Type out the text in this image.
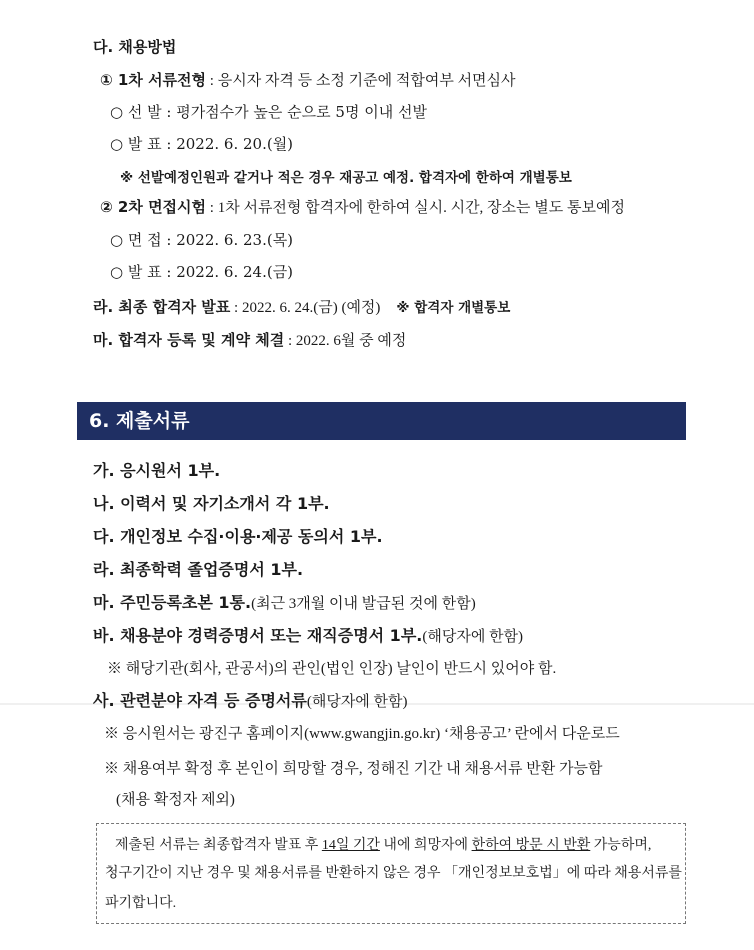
다. 채용방법
① 1차 서류전형 : 응시자 자격 등 소정 기준에 적합여부 서면심사
○ 선 발 : 평가점수가 높은 순으로 5명 이내 선발
○ 발 표 : 2022. 6. 20.(월)
※ 선발예정인원과 같거나 적은 경우 재공고 예정. 합격자에 한하여 개별통보
② 2차 면접시험 : 1차 서류전형 합격자에 한하여 실시. 시간, 장소는 별도 통보예정
○ 면 접 : 2022. 6. 23.(목)
○ 발 표 : 2022. 6. 24.(금)
라. 최종 합격자 발표 : 2022. 6. 24.(금) (예정) ※ 합격자 개별통보
마. 합격자 등록 및 계약 체결 : 2022. 6월 중 예정
6. 제출서류
가. 응시원서 1부.
나. 이력서 및 자기소개서 각 1부.
다. 개인정보 수집·이용·제공 동의서 1부.
라. 최종학력 졸업증명서 1부.
마. 주민등록초본 1통.(최근 3개월 이내 발급된 것에 한함)
바. 채용분야 경력증명서 또는 재직증명서 1부.(해당자에 한함)
※ 해당기관(회사, 관공서)의 관인(법인 인장) 날인이 반드시 있어야 함.
사. 관련분야 자격 등 증명서류(해당자에 한함)
※ 응시원서는 광진구 홈페이지(www.gwangjin.go.kr) ‘채용공고’ 란에서 다운로드
※ 채용여부 확정 후 본인이 희망할 경우, 정해진 기간 내 채용서류 반환 가능함
(채용 확정자 제외)
제출된 서류는 최종합격자 발표 후 14일 기간 내에 희망자에 한하여 방문 시 반환 가능하며,
청구기간이 지난 경우 및 채용서류를 반환하지 않은 경우 「개인정보보호법」에 따라 채용서류를
파기합니다.
